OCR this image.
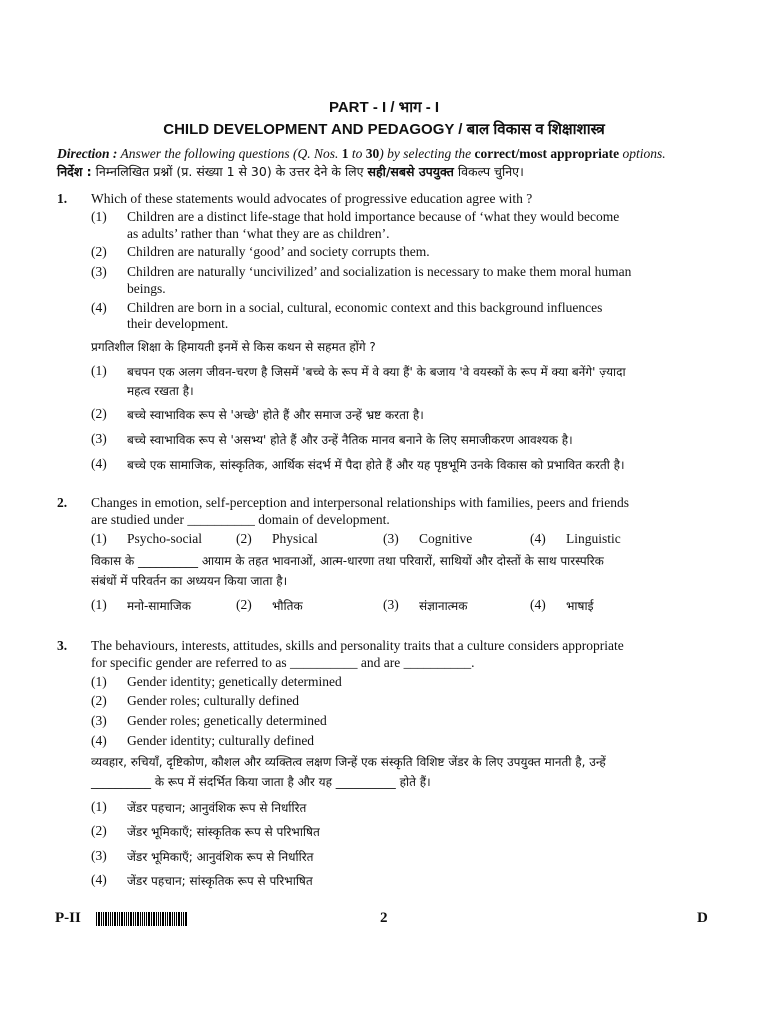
PART - I / भाग - I
CHILD DEVELOPMENT AND PEDAGOGY / बाल विकास व शिक्षाशास्त्र
Direction : Answer the following questions (Q. Nos. 1 to 30) by selecting the correct/most appropriate options.
निर्देश : निम्नलिखित प्रश्नों (प्र. संख्या 1 से 30) के उत्तर देने के लिए सही/सबसे उपयुक्त विकल्प चुनिए।
1. Which of these statements would advocates of progressive education agree with ?
(1) Children are a distinct life-stage that hold importance because of ‘what they would become
as adults’ rather than ‘what they are as children’.
(2) Children are naturally ‘good’ and society corrupts them.
(3) Children are naturally ‘uncivilized’ and socialization is necessary to make them moral human
beings.
(4) Children are born in a social, cultural, economic context and this background influences
their development.
प्रगतिशील शिक्षा के हिमायती इनमें से किस कथन से सहमत होंगे ?
(1) बचपन एक अलग जीवन-चरण है जिसमें 'बच्चे के रूप में वे क्या हैं' के बजाय 'वे वयस्कों के रूप में क्या बनेंगे' ज़्यादा
महत्व रखता है।
(2) बच्चे स्वाभाविक रूप से 'अच्छे' होते हैं और समाज उन्हें भ्रष्ट करता है।
(3) बच्चे स्वाभाविक रूप से 'असभ्य' होते हैं और उन्हें नैतिक मानव बनाने के लिए समाजीकरण आवश्यक है।
(4) बच्चे एक सामाजिक, सांस्कृतिक, आर्थिक संदर्भ में पैदा होते हैं और यह पृष्ठभूमि उनके विकास को प्रभावित करती है।
2. Changes in emotion, self-perception and interpersonal relationships with families, peers and friends
are studied under __________ domain of development.
(1) Psycho-social	(2) Physical	(3) Cognitive	(4) Linguistic
विकास के __________ आयाम के तहत भावनाओं, आत्म-धारणा तथा परिवारों, साथियों और दोस्तों के साथ पारस्परिक
संबंधों में परिवर्तन का अध्ययन किया जाता है।
(1) मनो-सामाजिक	(2) भौतिक	(3) संज्ञानात्मक	(4) भाषाई
3. The behaviours, interests, attitudes, skills and personality traits that a culture considers appropriate
for specific gender are referred to as __________ and are __________.
(1) Gender identity; genetically determined
(2) Gender roles; culturally defined
(3) Gender roles; genetically determined
(4) Gender identity; culturally defined
व्यवहार, रुचियाँ, दृष्टिकोण, कौशल और व्यक्तित्व लक्षण जिन्हें एक संस्कृति विशिष्ट जेंडर के लिए उपयुक्त मानती है, उन्हें
__________ के रूप में संदर्भित किया जाता है और यह __________ होते हैं।
(1) जेंडर पहचान; आनुवंशिक रूप से निर्धारित
(2) जेंडर भूमिकाएँ; सांस्कृतिक रूप से परिभाषित
(3) जेंडर भूमिकाएँ; आनुवंशिक रूप से निर्धारित
(4) जेंडर पहचान; सांस्कृतिक रूप से परिभाषित
P-II	2	D
